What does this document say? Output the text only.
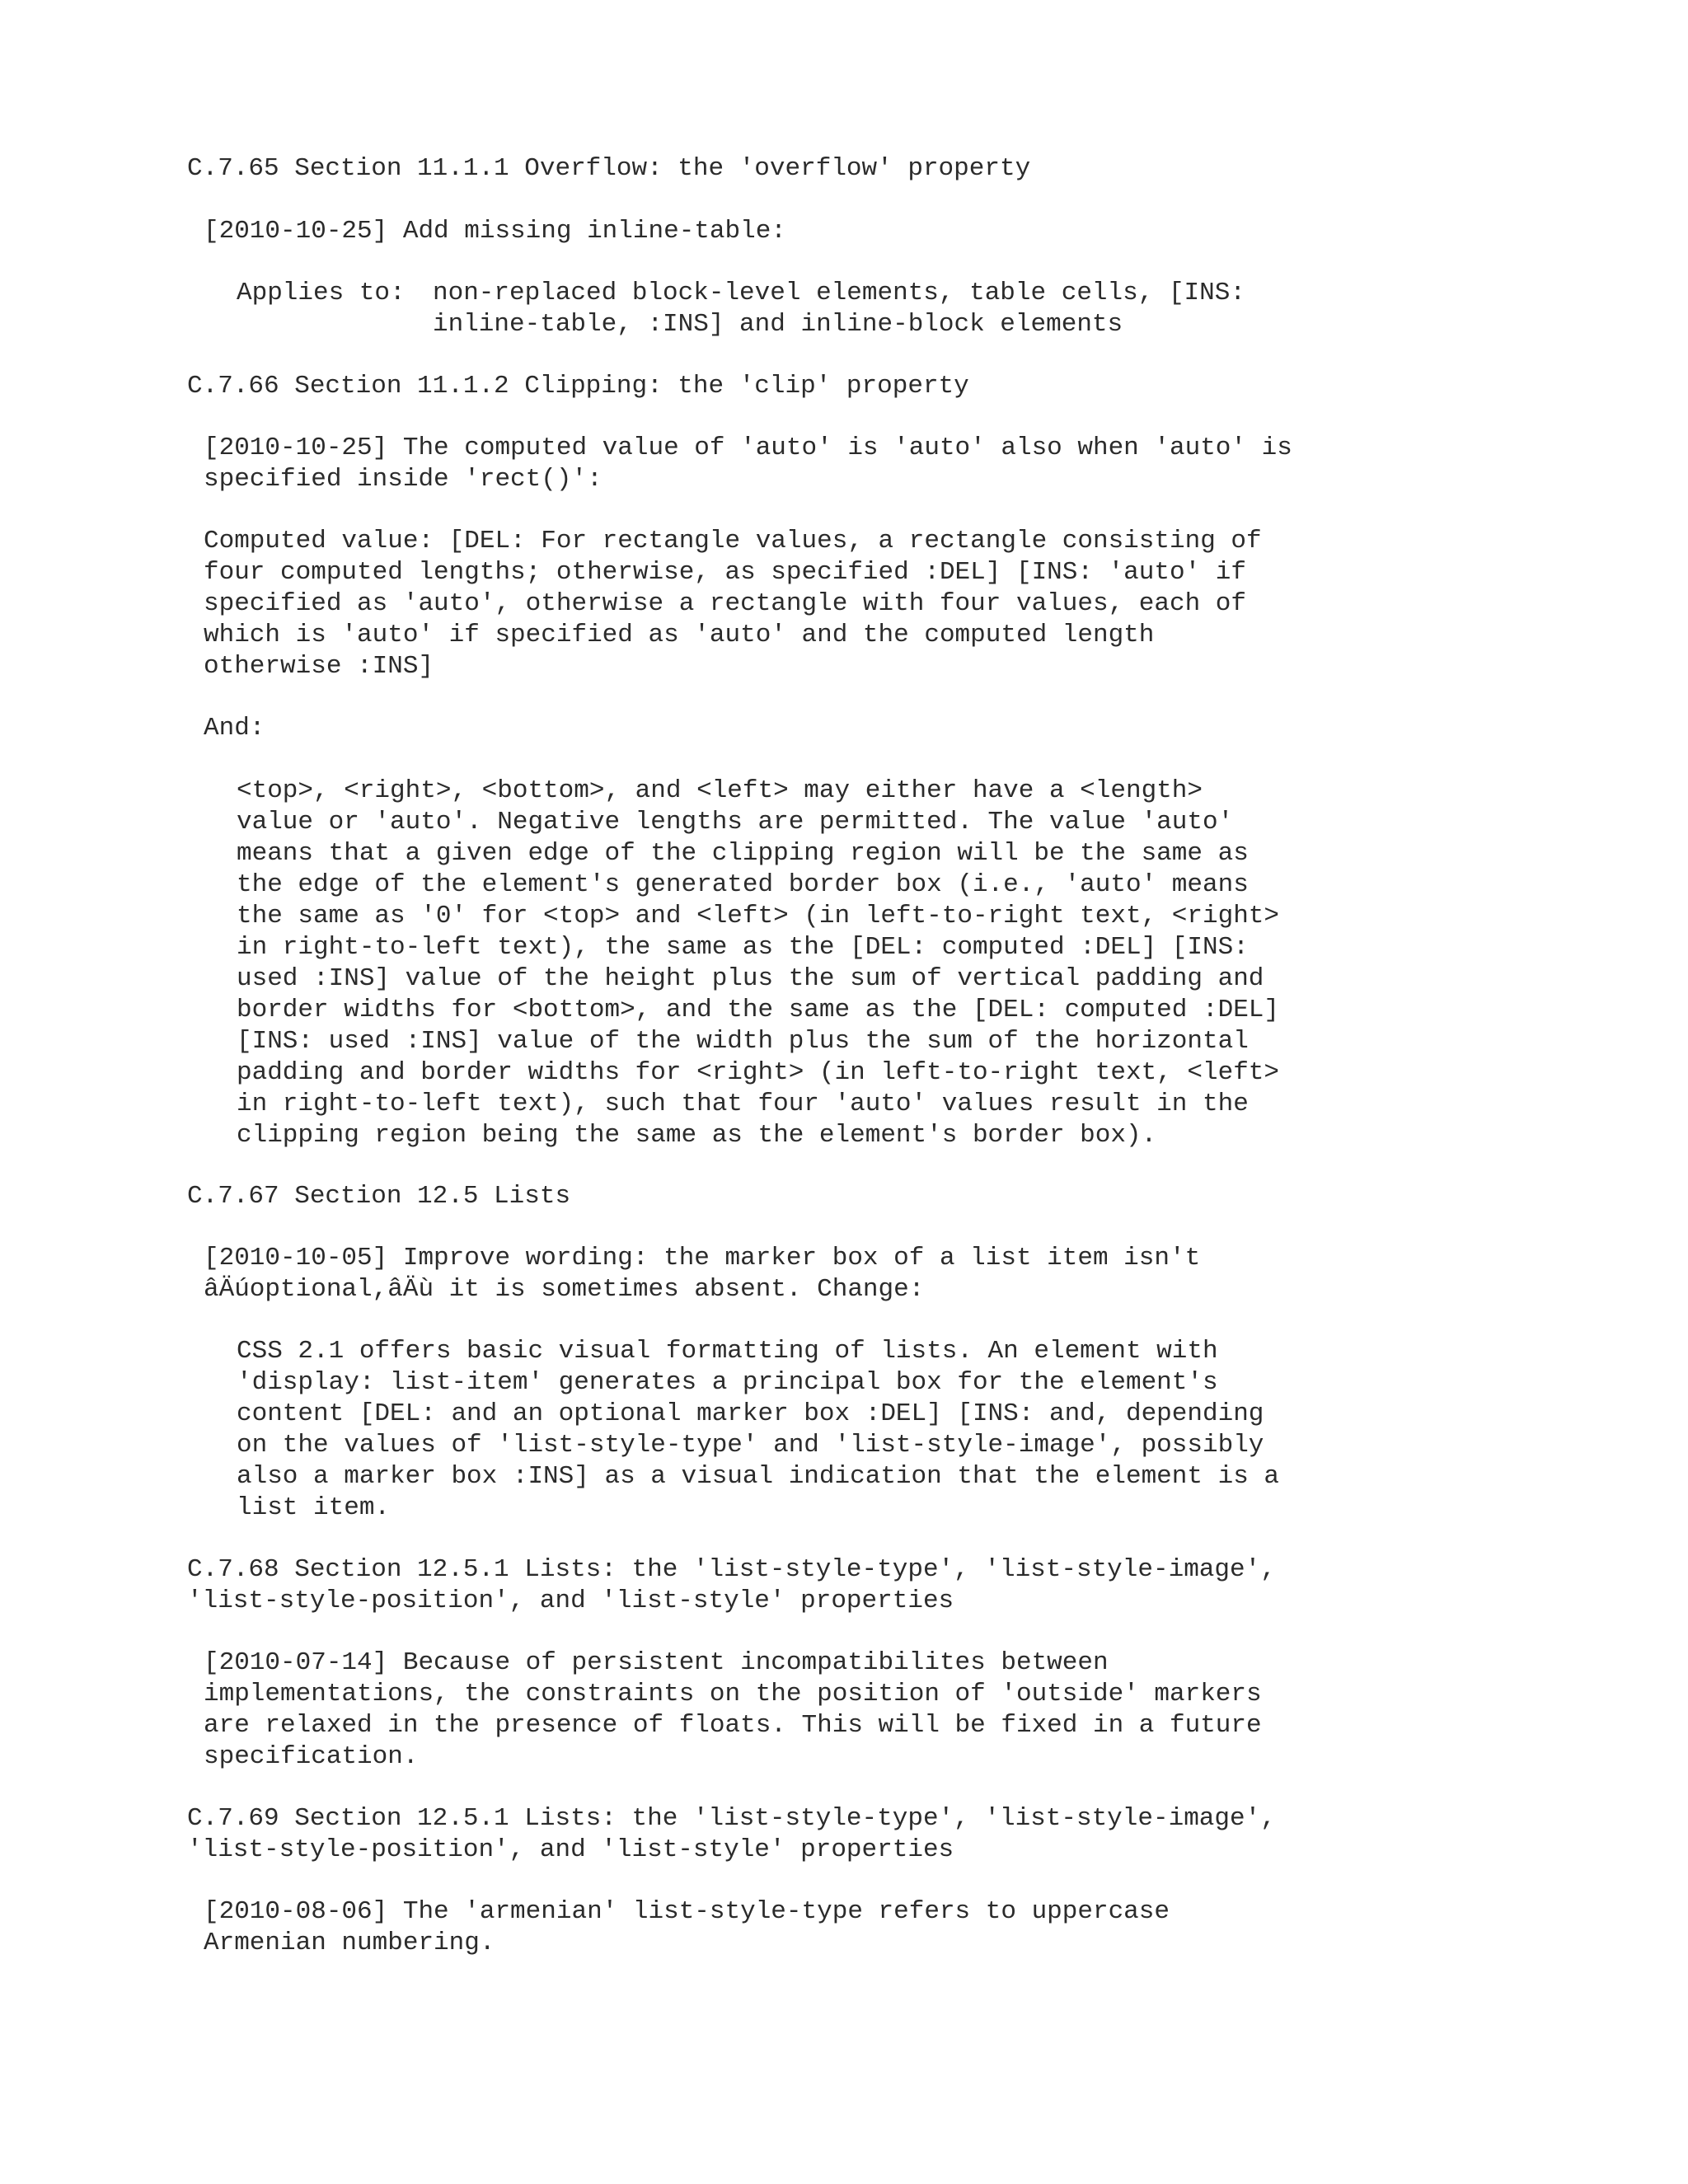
C.7.65 Section 11.1.1 Overflow: the 'overflow' property

[2010-10-25] Add missing inline-table:

Applies to: non-replaced block-level elements, table cells, [INS:

inline-table, :INS] and inline-block elements

C.7.66 Section 11.1.2 Clipping: the 'clip' property

[2010-10-25] The computed value of 'auto' is 'auto' also when 'auto' is

specified inside 'rect()':

Computed value: [DEL: For rectangle values, a rectangle consisting of

four computed lengths; otherwise, as specified :DEL] [INS: 'auto' if

specified as 'auto', otherwise a rectangle with four values, each of

which is 'auto' if specified as 'auto' and the computed length

otherwise :INS]

And:

<top>, <right>, <bottom>, and <left> may either have a <length>

value or 'auto'. Negative lengths are permitted. The value 'auto'

means that a given edge of the clipping region will be the same as

the edge of the element's generated border box (i.e., 'auto' means

the same as '0' for <top> and <left> (in left-to-right text, <right>

in right-to-left text), the same as the [DEL: computed :DEL] [INS:

used :INS] value of the height plus the sum of vertical padding and

border widths for <bottom>, and the same as the [DEL: computed :DEL]

[INS: used :INS] value of the width plus the sum of the horizontal

padding and border widths for <right> (in left-to-right text, <left>

in right-to-left text), such that four 'auto' values result in the

clipping region being the same as the element's border box).

C.7.67 Section 12.5 Lists

[2010-10-05] Improve wording: the marker box of a list item isn't

âÄúoptional,âÄù it is sometimes absent. Change:

CSS 2.1 offers basic visual formatting of lists. An element with

'display: list-item' generates a principal box for the element's

content [DEL: and an optional marker box :DEL] [INS: and, depending

on the values of 'list-style-type' and 'list-style-image', possibly

also a marker box :INS] as a visual indication that the element is a

list item.

C.7.68 Section 12.5.1 Lists: the 'list-style-type', 'list-style-image',

'list-style-position', and 'list-style' properties

[2010-07-14] Because of persistent incompatibilites between

implementations, the constraints on the position of 'outside' markers

are relaxed in the presence of floats. This will be fixed in a future

specification.

C.7.69 Section 12.5.1 Lists: the 'list-style-type', 'list-style-image',

'list-style-position', and 'list-style' properties

[2010-08-06] The 'armenian' list-style-type refers to uppercase

Armenian numbering.
